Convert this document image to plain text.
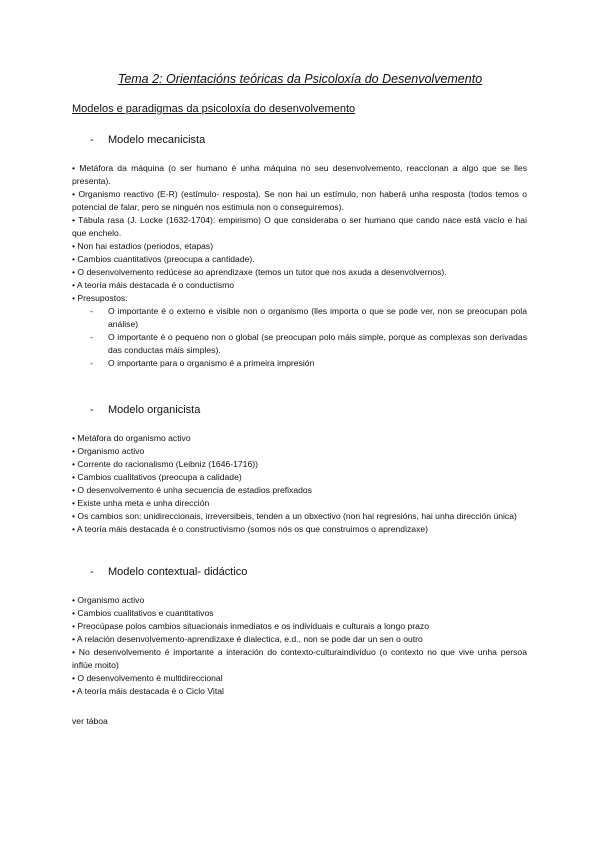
Tema 2: Orientacións teóricas da Psicoloxía do Desenvolvemento
Modelos e paradigmas da psicoloxía do desenvolvemento
- Modelo mecanicista

• Metáfora da máquina (o ser humano é unha máquina no seu desenvolvemento, reaccionan a algo que se lles presenta).

• Organismo reactivo (E-R) (estímulo- resposta). Se non hai un estímulo, non haberá unha resposta (todos temos o potencial de falar, pero se ninguén nos estimula non o conseguiremos).

• Tábula rasa (J. Locke (1632-1704): empirismo) O que consideraba o ser humano que cando nace está vacío e hai que enchelo.

• Non hai estadios (periodos, etapas)

• Cambios cuantitativos (preocupa a cantidade).

• O desenvolvemento redúcese ao aprendizaxe (temos un tutor que nos axuda a desenvolvernos).

• A teoría máis destacada é o conductismo

• Presupostos:

- O importante é o externo e visible non o organismo (lles importa o que se pode ver, non se preocupan pola análise)

- O importante é o pequeno non o global (se preocupan polo máis simple, porque as complexas son derivadas das conductas máis simples).

- O importante para o organismo é a primeira impresión

- Modelo organicista

• Metáfora do organismo activo

• Organismo activo

• Corrente do racionalismo (Leibniz (1646-1716))

• Cambios cualitativos (preocupa a calidade)

• O desenvolvemento é unha secuencia de estadios prefixados

• Existe unha meta e unha dirección

• Os cambios son: unidireccionais, irreversibeis, tenden a un obxectivo (non hai regresións, hai unha dirección única)

• A teoría máis destacada é o constructivismo (somos nós os que construimos o aprendizaxe)

- Modelo contextual- didáctico

• Organismo activo

• Cambios cualitativos e cuantitativos

• Preocúpase polos cambios situacionais inmediatos e os individuais e culturais a longo prazo

• A relación desenvolvemento-aprendizaxe é dialectica, e.d., non se pode dar un sen o outro

• No desenvolvemento é importante a interación do contexto-culturaindividuo (o contexto no que vive unha persoa inflúe moito)

• O desenvolvemento é multidireccional

• A teoría máis destacada é o Ciclo Vital

ver táboa
